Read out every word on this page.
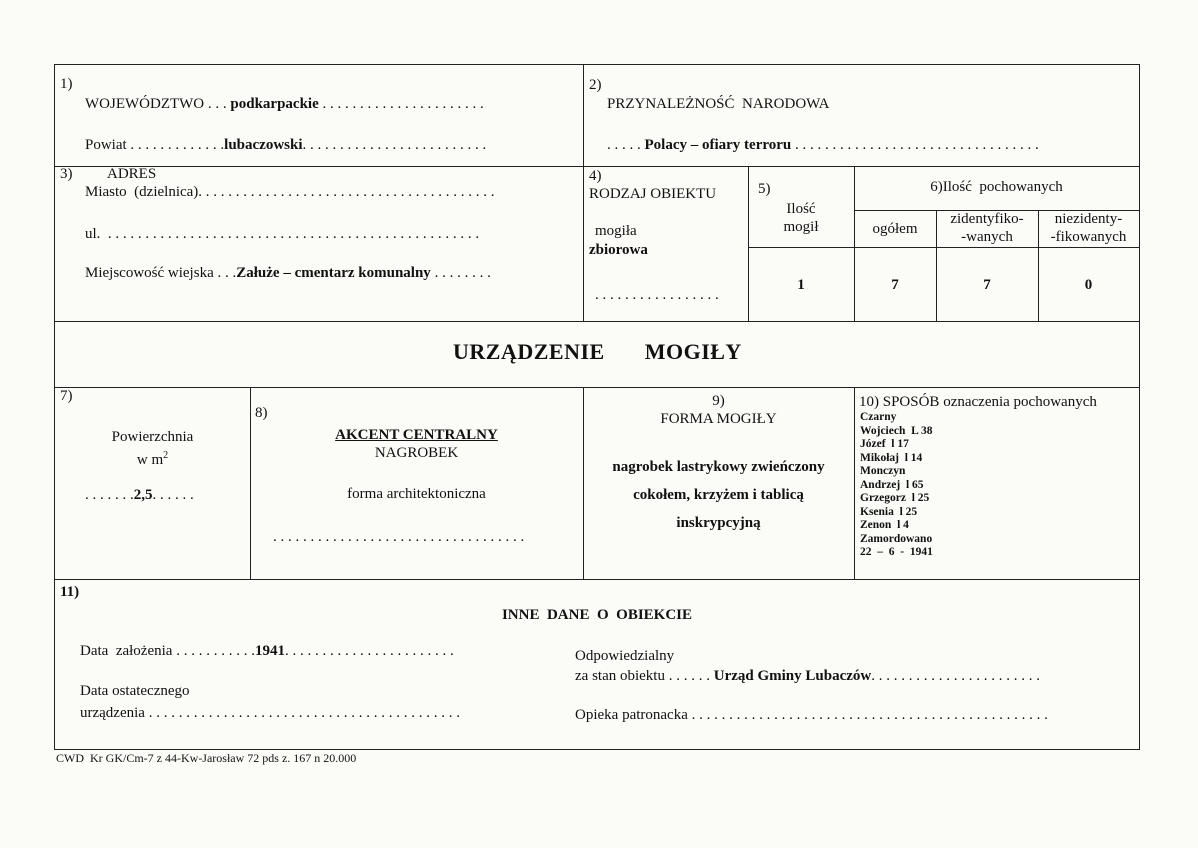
1)
WOJEWÓDZTWO . . . podkarpackie . . . . . . . . . . . . . . . . . . . . . .
Powiat . . . . . . . . . . . . .lubaczowski. . . . . . . . . . . . . . . . . . . . . . . . .
2)
PRZYNALEŻNOŚĆ  NARODOWA
. . . . . Polacy – ofiary terroru . . . . . . . . . . . . . . . . . . . . . . . . . . . . . . . . .
3) ADRES
Miasto  (dzielnica). . . . . . . . . . . . . . . . . . . . . . . . . . . . . . . . . . . . . . . .
ul.  . . . . . . . . . . . . . . . . . . . . . . . . . . . . . . . . . . . . . . . . . . . . . . . . . .
Miejscowość wiejska . . .Załuże – cmentarz komunalny . . . . . . . .
4)
RODZAJ OBIEKTU
mogiła
zbiorowa
. . . . . . . . . . . . . . . . .
5)
Ilość
mogił
1
6)Ilość  pochowanych
ogółem
zidentyfiko-
-wanych
niezidenty-
-fikowanych
7	7	0
URZĄDZENIE MOGIŁY
7)
Powierzchnia
w $m^2$
. . . . . . .2,5. . . . . .
8)
AKCENT CENTRALNY
NAGROBEK
forma architektoniczna
. . . . . . . . . . . . . . . . . . . . . . . . . . . . . . . . . .
9)
FORMA MOGIŁY
nagrobek lastrykowy zwieńczony
cokołem, krzyżem i tablicą
inskrypcyjną
10) SPOSÓB oznaczenia pochowanych
Czarny
Wojciech  L 38
Józef  l 17
Mikołaj  l 14
Monczyn
Andrzej  l 65
Grzegorz  l 25
Ksenia  l 25
Zenon  l 4
Zamordowano
22  –  6  -  1941
11)
INNE  DANE  O  OBIEKCIE
Data  założenia . . . . . . . . . . .1941. . . . . . . . . . . . . . . . . . . . . . .
Data ostatecznego
urządzenia . . . . . . . . . . . . . . . . . . . . . . . . . . . . . . . . . . . . . . . . . .
Odpowiedzialny
za stan obiektu . . . . . . Urząd Gminy Lubaczów. . . . . . . . . . . . . . . . . . . . . . .
Opieka patronacka . . . . . . . . . . . . . . . . . . . . . . . . . . . . . . . . . . . . . . . . . . . . . . . .
CWD  Kr GK/Cm-7 z 44-Kw-Jarosław 72 pds z. 167 n 20.000
